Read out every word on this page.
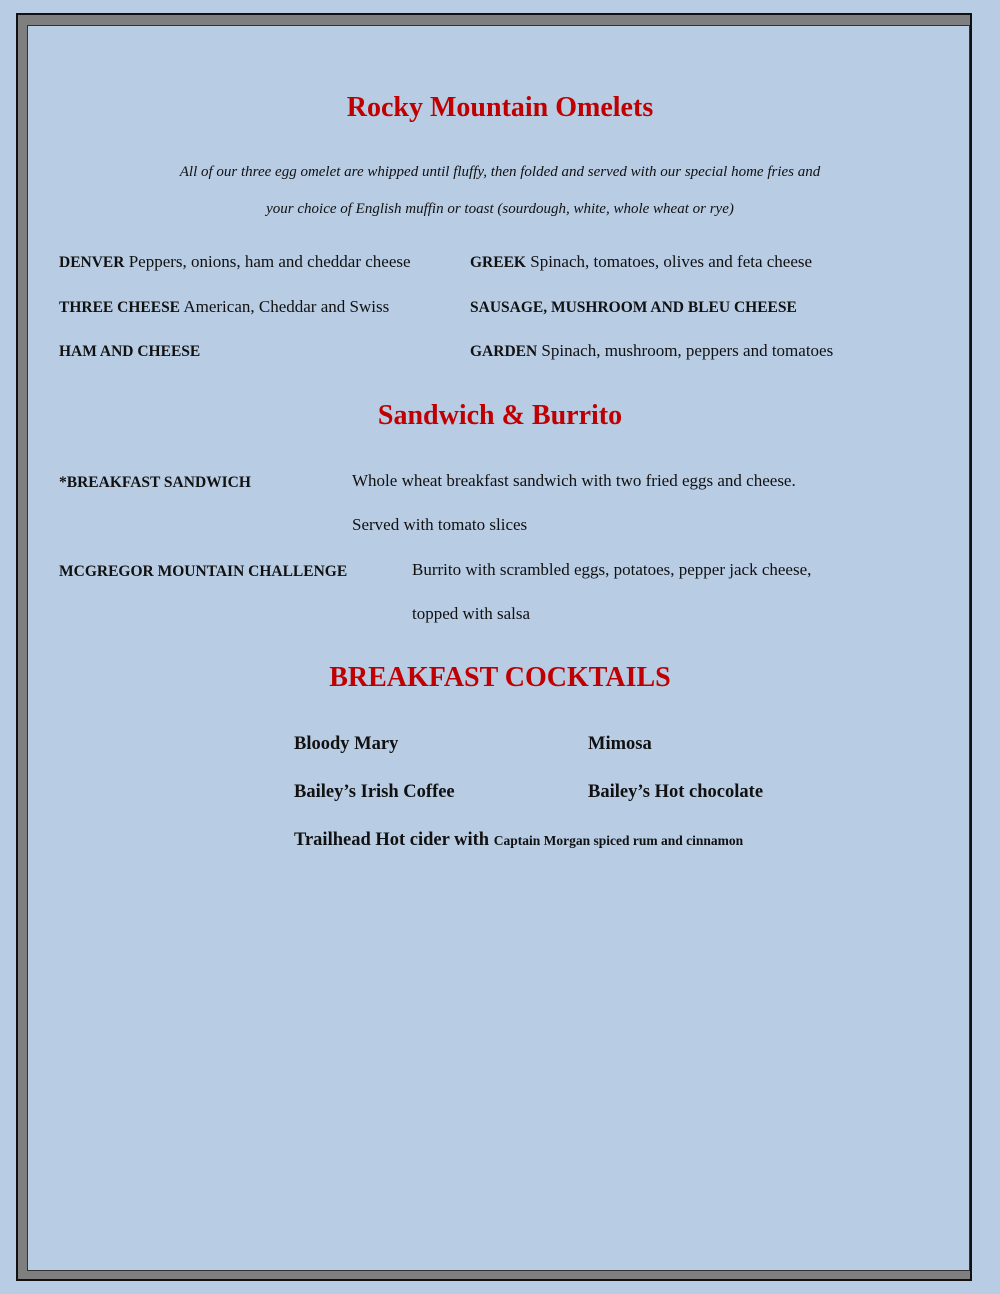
Rocky Mountain Omelets
All of our three egg omelet are whipped until fluffy, then folded and served with our special home fries and
your choice of English muffin or toast (sourdough, white, whole wheat or rye)
DENVER Peppers, onions, ham and cheddar cheese	GREEK Spinach, tomatoes, olives and feta cheese
THREE CHEESE American, Cheddar and Swiss	SAUSAGE, MUSHROOM AND BLEU CHEESE
HAM AND CHEESE	GARDEN Spinach, mushroom, peppers and tomatoes
Sandwich & Burrito
*BREAKFAST SANDWICH	Whole wheat breakfast sandwich with two fried eggs and cheese.
Served with tomato slices
MCGREGOR MOUNTAIN CHALLENGE	Burrito with scrambled eggs, potatoes, pepper jack cheese,
topped with salsa
BREAKFAST COCKTAILS
Bloody Mary	Mimosa
Bailey’s Irish Coffee	Bailey’s Hot chocolate
Trailhead Hot cider with Captain Morgan spiced rum and cinnamon
